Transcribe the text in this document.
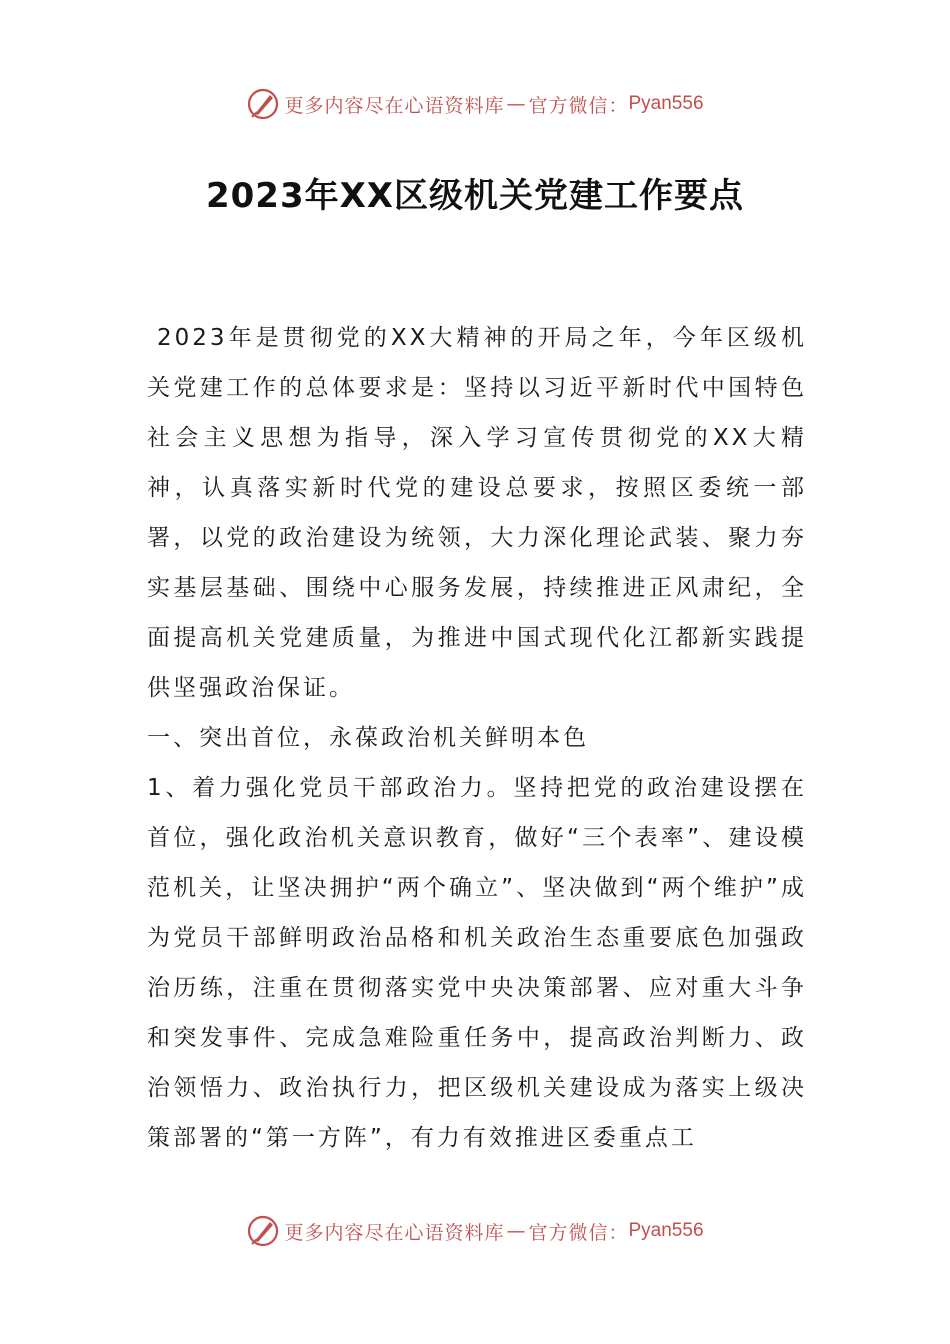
更多内容尽在心语资料库 — 官方微信： Pyan556
2023年XX区级机关党建工作要点

2023年是贯彻党的XX大精神的开局之年，今年区级机关党建工作的总体要求是：坚持以习近平新时代中国特色社会主义思想为指导，深入学习宣传贯彻党的XX大精神，认真落实新时代党的建设总要求，按照区委统一部署，以党的政治建设为统领，大力深化理论武装、聚力夯实基层基础、围绕中心服务发展，持续推进正风肃纪，全面提高机关党建质量，为推进中国式现代化江都新实践提供坚强政治保证。

一、突出首位，永葆政治机关鲜明本色

1、着力强化党员干部政治力。坚持把党的政治建设摆在首位，强化政治机关意识教育，做好“三个表率”、建设模范机关，让坚决拥护“两个确立”、坚决做到“两个维护”成为党员干部鲜明政治品格和机关政治生态重要底色加强政治历练，注重在贯彻落实党中央决策部署、应对重大斗争和突发事件、完成急难险重任务中，提高政治判断力、政治领悟力、政治执行力，把区级机关建设成为落实上级决策部署的“第一方阵”，有力有效推进区委重点工

更多内容尽在心语资料库 — 官方微信： Pyan556
